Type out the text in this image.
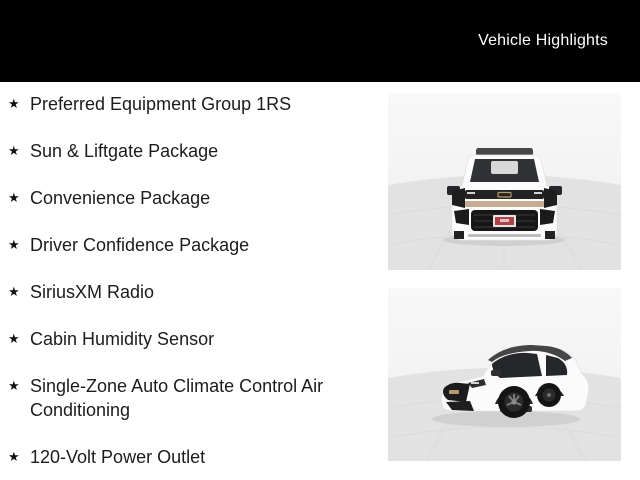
Vehicle Highlights
★ Preferred Equipment Group 1RS
★ Sun & Liftgate Package
★ Convenience Package
★ Driver Confidence Package
★ SiriusXM Radio
★ Cabin Humidity Sensor
★ Single-Zone Auto Climate Control Air Conditioning
★ 120-Volt Power Outlet
